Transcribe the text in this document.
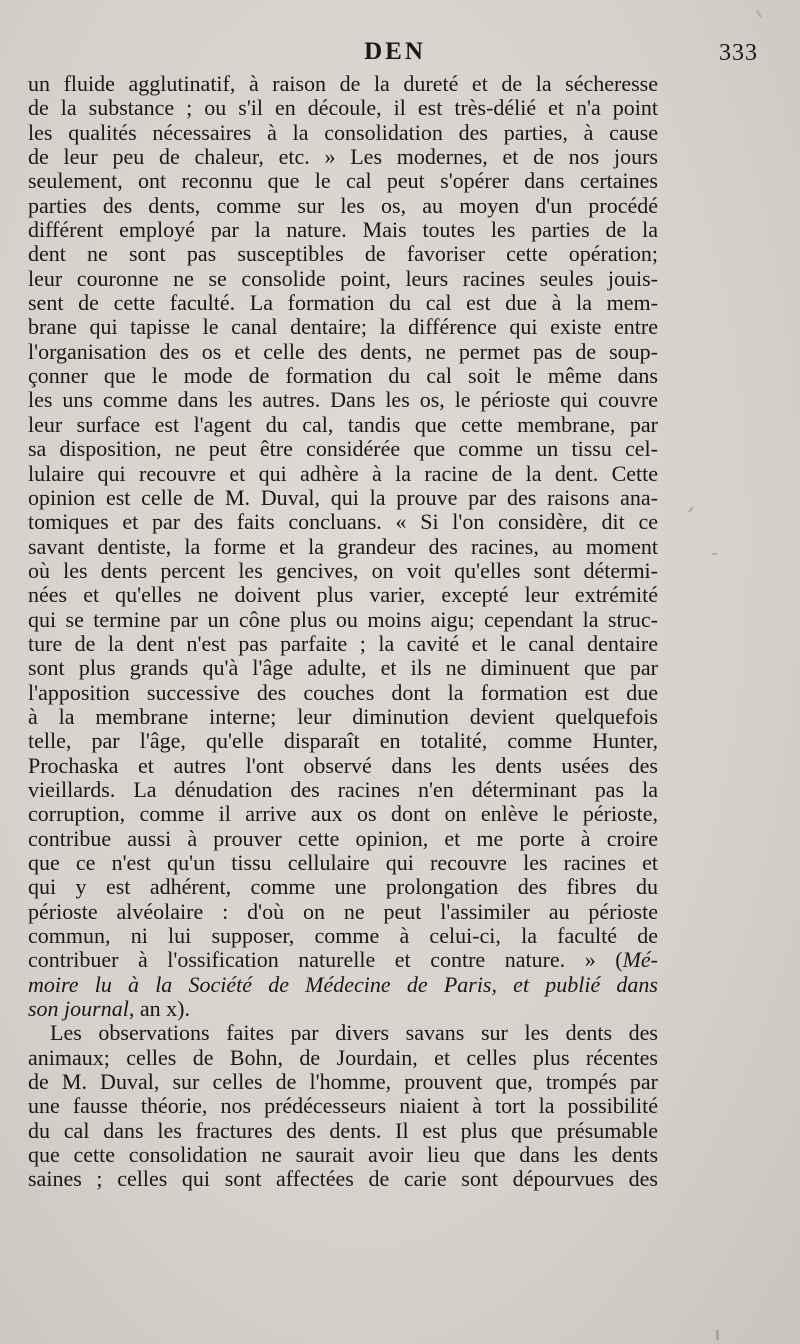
DEN	333

un fluide agglutinatif, à raison de la dureté et de la sécheresse

de la substance ; ou s'il en découle, il est très-délié et n'a point

les qualités nécessaires à la consolidation des parties, à cause

de leur peu de chaleur, etc. » Les modernes, et de nos jours

seulement, ont reconnu que le cal peut s'opérer dans certaines

parties des dents, comme sur les os, au moyen d'un procédé

différent employé par la nature. Mais toutes les parties de la

dent ne sont pas susceptibles de favoriser cette opération;

leur couronne ne se consolide point, leurs racines seules jouis-

sent de cette faculté. La formation du cal est due à la mem-

brane qui tapisse le canal dentaire; la différence qui existe entre

l'organisation des os et celle des dents, ne permet pas de soup-

çonner que le mode de formation du cal soit le même dans

les uns comme dans les autres. Dans les os, le périoste qui couvre

leur surface est l'agent du cal, tandis que cette membrane, par

sa disposition, ne peut être considérée que comme un tissu cel-

lulaire qui recouvre et qui adhère à la racine de la dent. Cette

opinion est celle de M. Duval, qui la prouve par des raisons ana-

tomiques et par des faits concluans. « Si l'on considère, dit ce

savant dentiste, la forme et la grandeur des racines, au moment

où les dents percent les gencives, on voit qu'elles sont détermi-

nées et qu'elles ne doivent plus varier, excepté leur extrémité

qui se termine par un cône plus ou moins aigu; cependant la struc-

ture de la dent n'est pas parfaite ; la cavité et le canal dentaire

sont plus grands qu'à l'âge adulte, et ils ne diminuent que par

l'apposition successive des couches dont la formation est due

à la membrane interne; leur diminution devient quelquefois

telle, par l'âge, qu'elle disparaît en totalité, comme Hunter,

Prochaska et autres l'ont observé dans les dents usées des

vieillards. La dénudation des racines n'en déterminant pas la

corruption, comme il arrive aux os dont on enlève le périoste,

contribue aussi à prouver cette opinion, et me porte à croire

que ce n'est qu'un tissu cellulaire qui recouvre les racines et

qui y est adhérent, comme une prolongation des fibres du

périoste alvéolaire : d'où on ne peut l'assimiler au périoste

commun, ni lui supposer, comme à celui-ci, la faculté de

contribuer à l'ossification naturelle et contre nature. » (Mé-

moire lu à la Société de Médecine de Paris, et publié dans

son journal, an x).

Les observations faites par divers savans sur les dents des

animaux; celles de Bohn, de Jourdain, et celles plus récentes

de M. Duval, sur celles de l'homme, prouvent que, trompés par

une fausse théorie, nos prédécesseurs niaient à tort la possibilité

du cal dans les fractures des dents. Il est plus que présumable

que cette consolidation ne saurait avoir lieu que dans les dents

saines ; celles qui sont affectées de carie sont dépourvues des
